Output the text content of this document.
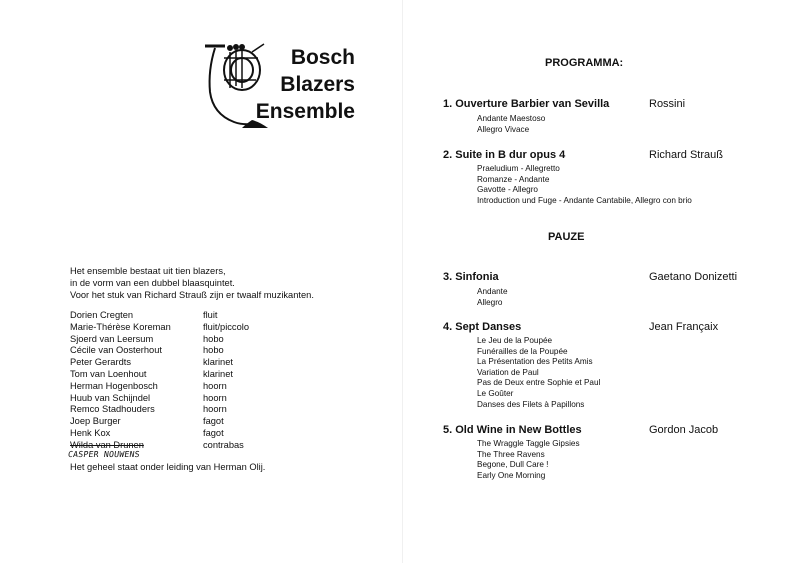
Bosch
Blazers
Ensemble
Het ensemble bestaat uit tien blazers,
in de vorm van een dubbel blaasquintet.
Voor het stuk van Richard Strauß zijn er twaalf muzikanten.
Dorien Cregten	fluit
Marie-Thérèse Koreman	fluit/piccolo
Sjoerd van Leersum	hobo
Cécile van Oosterhout	hobo
Peter Gerardts	klarinet
Tom van Loenhout	klarinet
Herman Hogenbosch	hoorn
Huub van Schijndel	hoorn
Remco Stadhouders	hoorn
Joep Burger	fagot
Henk Kox	fagot
Wilda van Drunen	contrabas
CASPER NOUWENS
Het geheel staat onder leiding van Herman Olij.
PROGRAMMA:
1. Ouverture Barbier van Sevilla	Rossini
Andante Maestoso
Allegro Vivace
2. Suite in B dur opus 4	Richard Strauß
Praeludium - Allegretto
Romanze - Andante
Gavotte - Allegro
Introduction und Fuge - Andante Cantabile, Allegro con brio
PAUZE
3. Sinfonia	Gaetano Donizetti
Andante
Allegro
4. Sept Danses	Jean Françaix
Le Jeu de la Poupée
Funérailles de la Poupée
La Présentation des Petits Amis
Variation de Paul
Pas de Deux entre Sophie et Paul
Le Goûter
Danses des Filets à Papillons
5. Old Wine in New Bottles	Gordon Jacob
The Wraggle Taggle Gipsies
The Three Ravens
Begone, Dull Care !
Early One Morning
